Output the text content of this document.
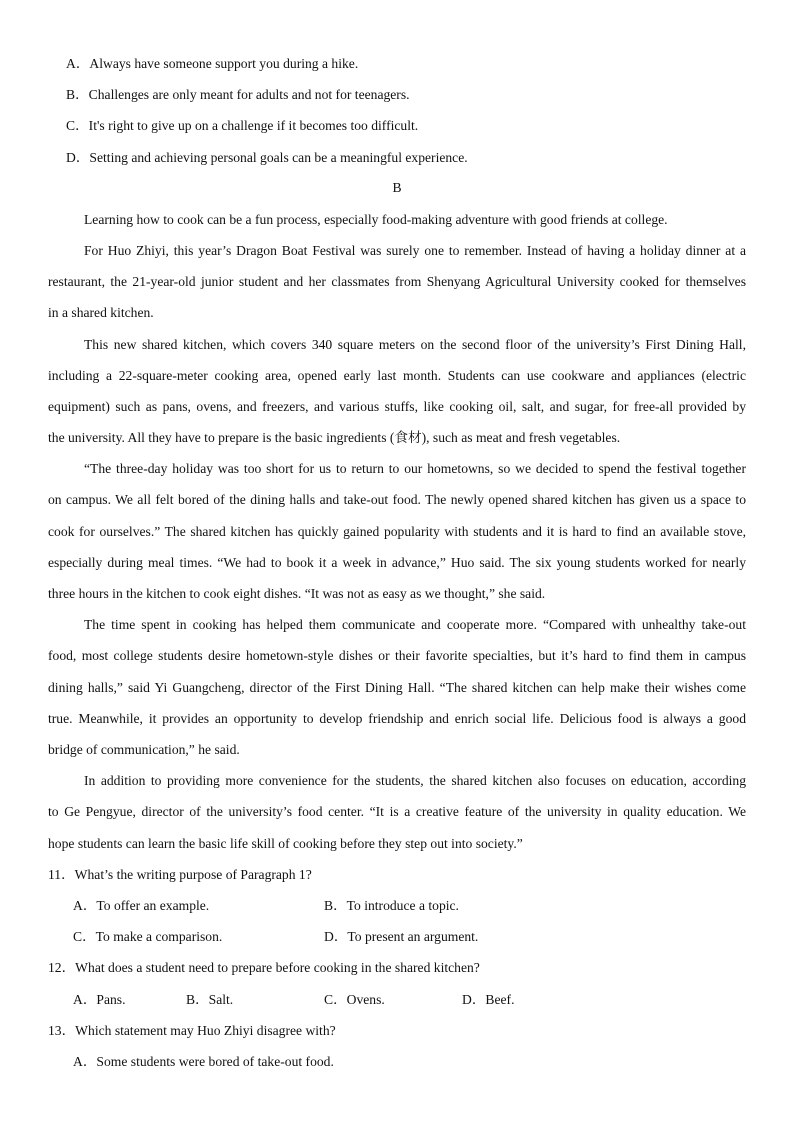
A．Always have someone support you during a hike.
B．Challenges are only meant for adults and not for teenagers.
C．It's right to give up on a challenge if it becomes too difficult.
D．Setting and achieving personal goals can be a meaningful experience.
B
Learning how to cook can be a fun process, especially food-making adventure with good friends at college.
For Huo Zhiyi, this year’s Dragon Boat Festival was surely one to remember. Instead of having a holiday dinner at a
restaurant, the 21-year-old junior student and her classmates from Shenyang Agricultural University cooked for themselves
in a shared kitchen.
This new shared kitchen, which covers 340 square meters on the second floor of the university’s First Dining Hall,
including a 22-square-meter cooking area, opened early last month. Students can use cookware and appliances (electric
equipment) such as pans, ovens, and freezers, and various stuffs, like cooking oil, salt, and sugar, for free-all provided by
the university. All they have to prepare is the basic ingredients (食材), such as meat and fresh vegetables.
“The three-day holiday was too short for us to return to our hometowns, so we decided to spend the festival together
on campus. We all felt bored of the dining halls and take-out food. The newly opened shared kitchen has given us a space to
cook for ourselves.” The shared kitchen has quickly gained popularity with students and it is hard to find an available stove,
especially during meal times. “We had to book it a week in advance,” Huo said. The six young students worked for nearly
three hours in the kitchen to cook eight dishes. “It was not as easy as we thought,” she said.
The time spent in cooking has helped them communicate and cooperate more. “Compared with unhealthy take-out
food, most college students desire hometown-style dishes or their favorite specialties, but it’s hard to find them in campus
dining halls,” said Yi Guangcheng, director of the First Dining Hall. “The shared kitchen can help make their wishes come
true. Meanwhile, it provides an opportunity to develop friendship and enrich social life. Delicious food is always a good
bridge of communication,” he said.
In addition to providing more convenience for the students, the shared kitchen also focuses on education, according
to Ge Pengyue, director of the university’s food center. “It is a creative feature of the university in quality education. We
hope students can learn the basic life skill of cooking before they step out into society.”
11．What’s the writing purpose of Paragraph 1?
A．To offer an example.	B．To introduce a topic.
C．To make a comparison.	D．To present an argument.
12．What does a student need to prepare before cooking in the shared kitchen?
A．Pans.	B．Salt.	C．Ovens.	D．Beef.
13．Which statement may Huo Zhiyi disagree with?
A．Some students were bored of take-out food.
